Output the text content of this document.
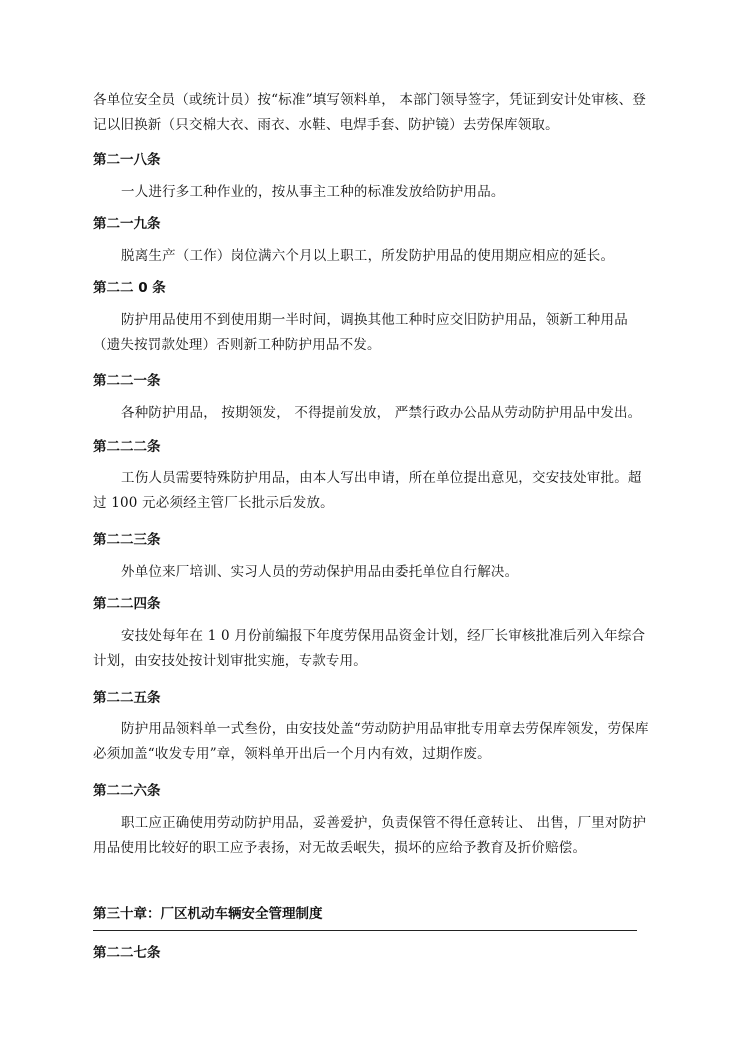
各单位安全员（或统计员）按“标准”填写领料单， 本部门领导签字，凭证到安计处审核、登记以旧换新（只交棉大衣、雨衣、水鞋、电焊手套、防护镜）去劳保库领取。
第二一八条
一人进行多工种作业的，按从事主工种的标准发放给防护用品。
第二一九条
脱离生产（工作）岗位满六个月以上职工，所发防护用品的使用期应相应的延长。
第二二 0 条
防护用品使用不到使用期一半时间，调换其他工种时应交旧防护用品，领新工种用品（遗失按罚款处理）否则新工种防护用品不发。
第二二一条
各种防护用品， 按期领发， 不得提前发放， 严禁行政办公品从劳动防护用品中发出。
第二二二条
工伤人员需要特殊防护用品，由本人写出申请，所在单位提出意见，交安技处审批。超过 100 元必须经主管厂长批示后发放。
第二二三条
外单位来厂培训、实习人员的劳动保护用品由委托单位自行解决。
第二二四条
安技处每年在 1 0 月份前编报下年度劳保用品资金计划，经厂长审核批准后列入年综合计划，由安技处按计划审批实施，专款专用。
第二二五条
防护用品领料单一式叁份，由安技处盖“劳动防护用品审批专用章去劳保库领发，劳保库必须加盖“收发专用”章，领料单开出后一个月内有效，过期作废。
第二二六条
职工应正确使用劳动防护用品，妥善爱护，负责保管不得任意转让、 出售，厂里对防护用品使用比较好的职工应予表扬，对无故丢岷失，损坏的应给予教育及折价赔偿。
第三十章：厂区机动车辆安全管理制度
第二二七条
